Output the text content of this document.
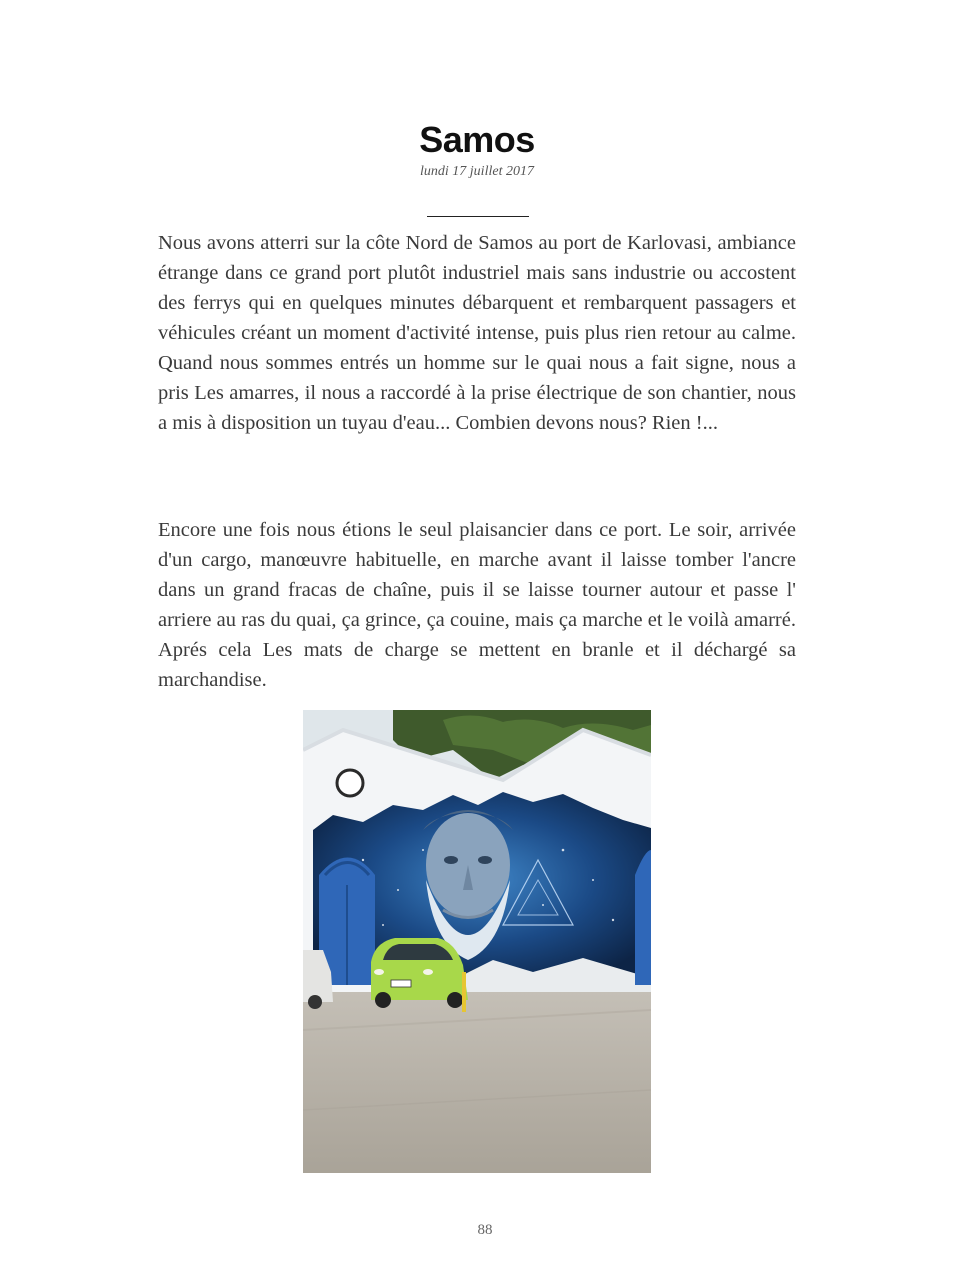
Samos
lundi 17 juillet 2017

Nous avons atterri sur la côte Nord de Samos au port de Karlovasi, ambiance étrange dans ce grand port plutôt industriel mais sans industrie ou accostent des ferrys qui en quelques minutes débarquent et rembarquent passagers et véhicules créant un moment d'activité intense, puis plus rien retour au calme. Quand nous sommes entrés un homme sur le quai nous a fait signe, nous a pris Les amarres, il nous a raccordé à la prise électrique de son chantier, nous a mis à disposition un tuyau d'eau... Combien devons nous? Rien !...

Encore une fois nous étions le seul plaisancier dans ce port. Le soir, arrivée d'un cargo, manœuvre habituelle, en marche avant il laisse tomber l'ancre dans un grand fracas de chaîne, puis il se laisse tourner autour et passe l' arriere au ras du quai, ça grince, ça couine, mais ça marche et le voilà amarré. Aprés cela Les mats de charge se mettent en branle et il déchargé sa marchandise.

88
